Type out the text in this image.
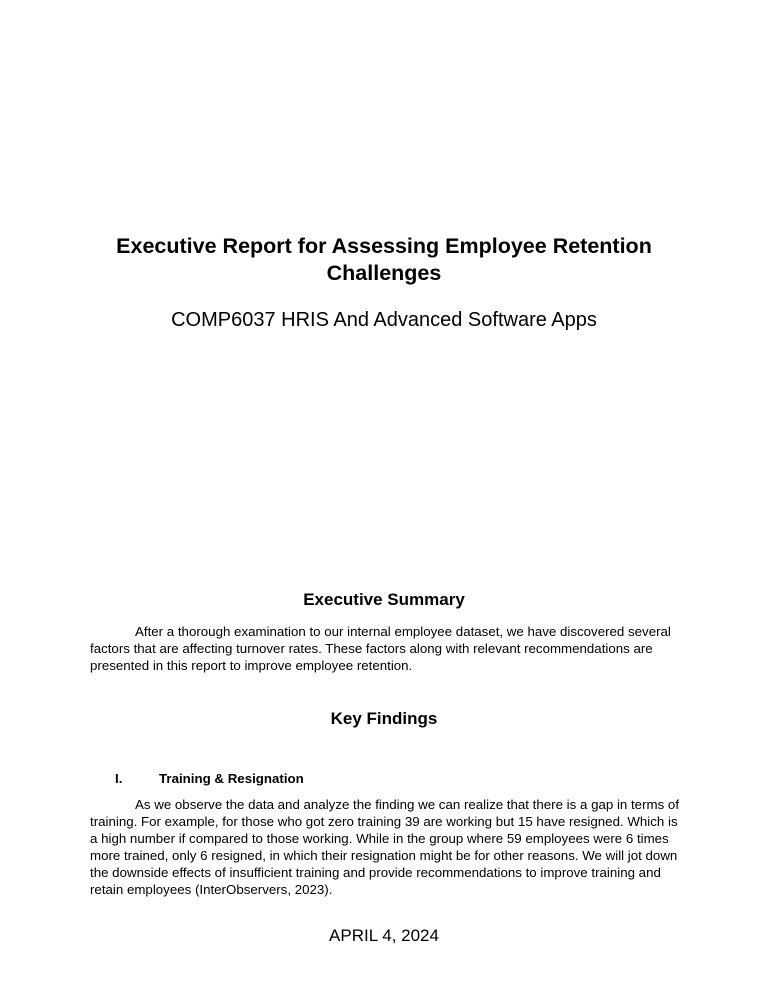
Executive Report for Assessing Employee Retention Challenges
COMP6037 HRIS And Advanced Software Apps
Executive Summary

After a thorough examination to our internal employee dataset, we have discovered several factors that are affecting turnover rates. These factors along with relevant recommendations are presented in this report to improve employee retention.

Key Findings
I.	Training & Resignation

As we observe the data and analyze the finding we can realize that there is a gap in terms of training. For example, for those who got zero training 39 are working but 15 have resigned. Which is a high number if compared to those working. While in the group where 59 employees were 6 times more trained, only 6 resigned, in which their resignation might be for other reasons. We will jot down the downside effects of insufficient training and provide recommendations to improve training and retain employees (InterObservers, 2023).

APRIL 4, 2024
